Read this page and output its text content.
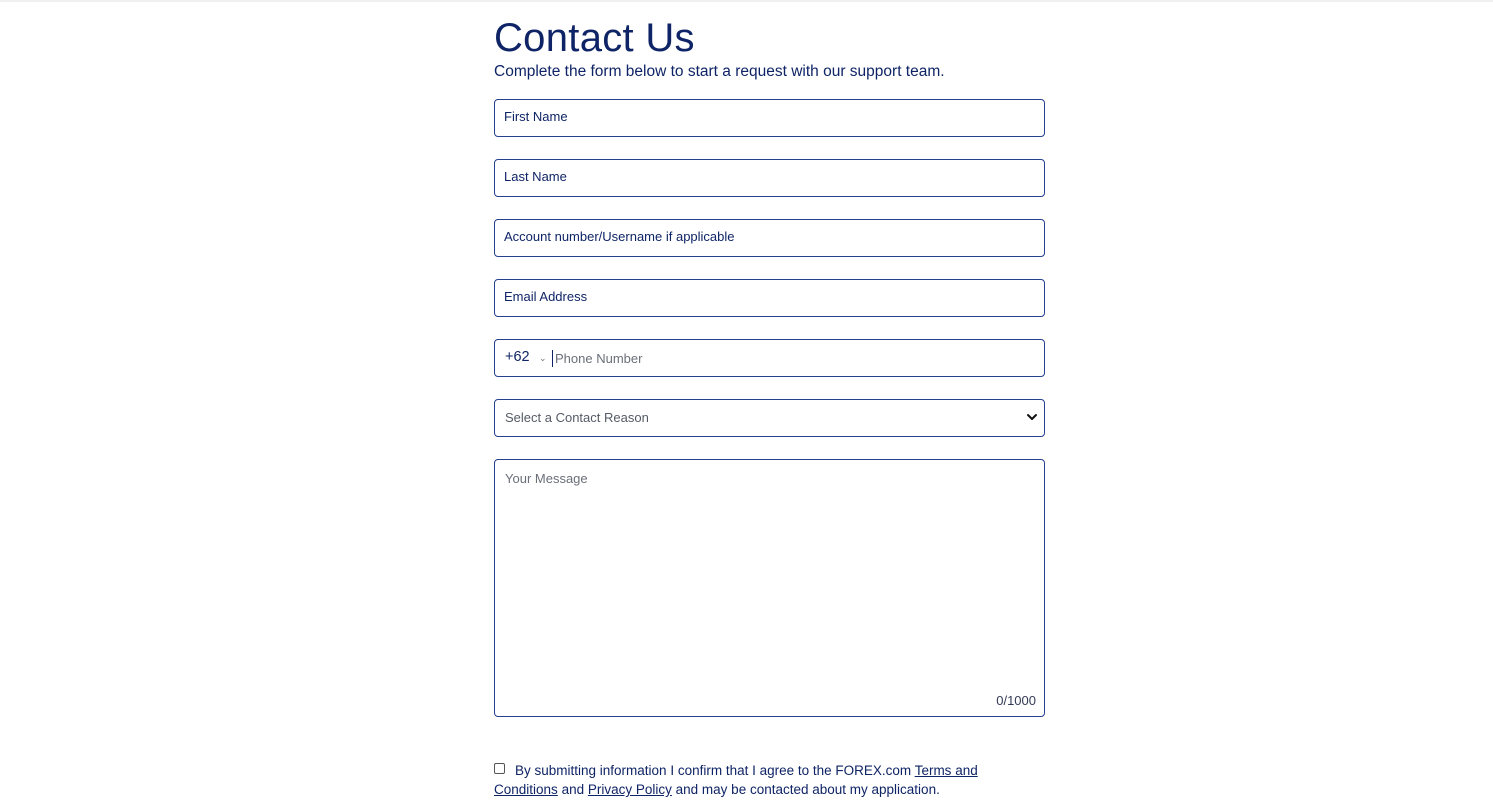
Contact Us
Complete the form below to start a request with our support team.
First Name
Last Name
Account number/Username if applicable
Email Address
+62 ⌄ Phone Number
Select a Contact Reason
Your Message
0/1000
By submitting information I confirm that I agree to the FOREX.com Terms and Conditions and Privacy Policy and may be contacted about my application.
